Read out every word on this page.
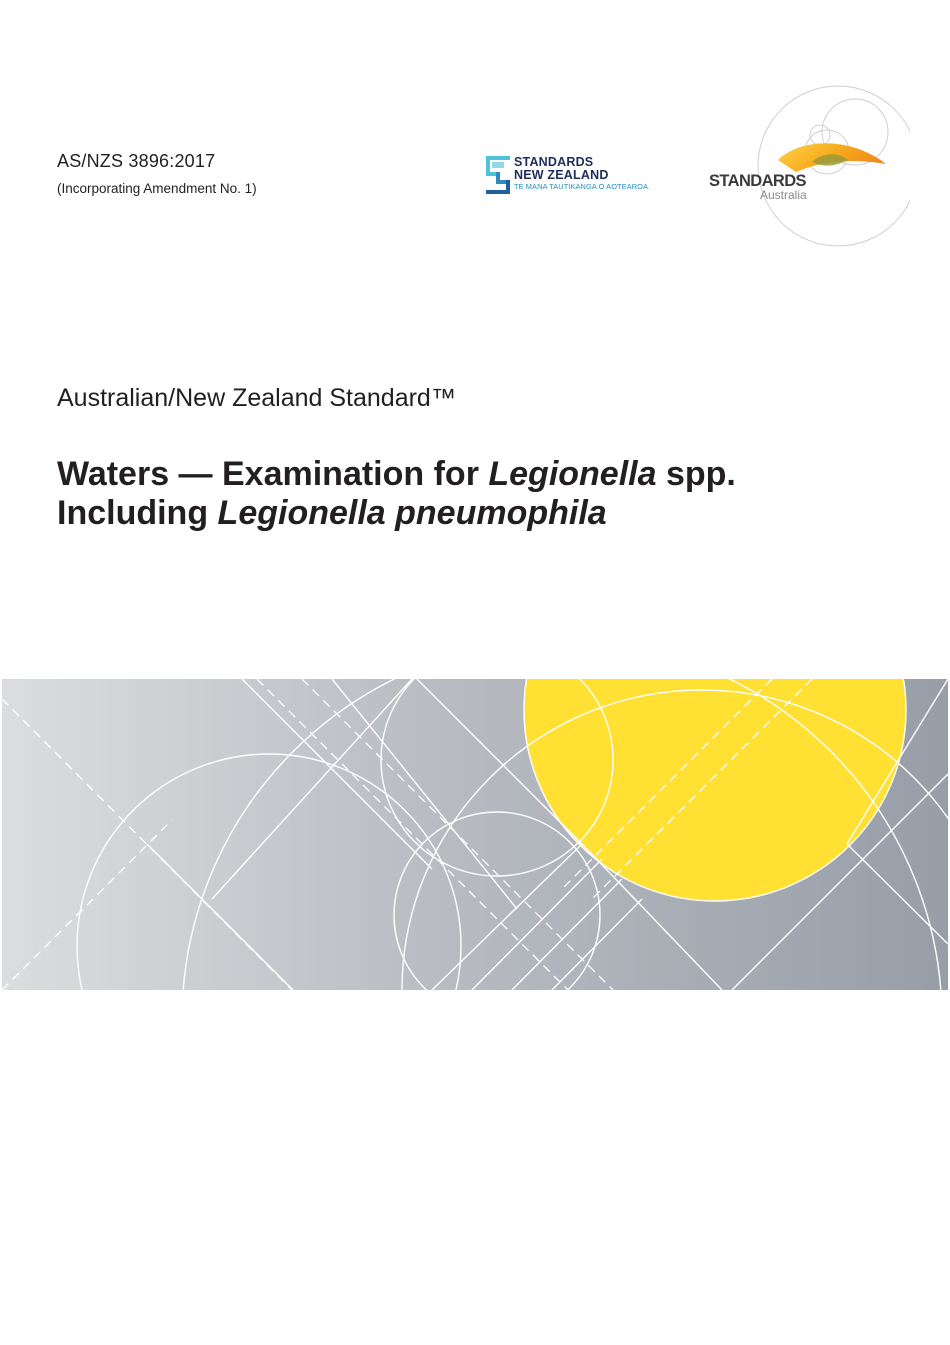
AS/NZS 3896:2017
(Incorporating Amendment No. 1)
STANDARDS
NEW ZEALAND
TE MANA TAUTIKANGA O AOTEAROA.	STANDARDS
Australia
Australian/New Zealand Standard™
Waters — Examination for Legionella spp.
Including Legionella pneumophila
